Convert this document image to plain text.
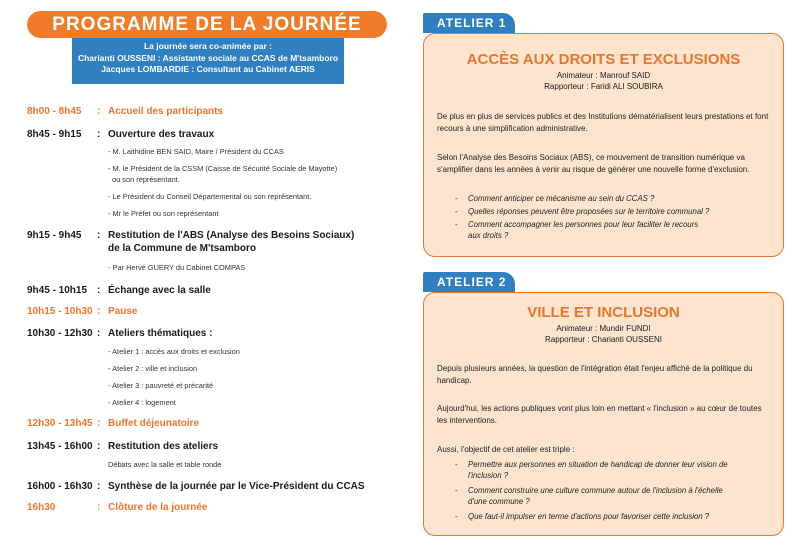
PROGRAMME DE LA JOURNÉE
La journée sera co-animée par :
Charianti OUSSENI : Assistante sociale au CCAS de M'tsamboro
Jacques LOMBARDIE : Consultant au Cabinet AERIS
8h00 - 8h45	: Accueil des participants
8h45 - 9h15	: Ouverture des travaux
- M. Laithidine BEN SAID, Maire / Président du CCAS
- M. le Président de la CSSM (Caisse de Sécurité Sociale de Mayotte)
ou son représentant.
- Le Président du Conseil Départemental ou son représentant.
- Mr le Préfet ou son représentant
9h15 - 9h45	: Restitution de l'ABS (Analyse des Besoins Sociaux)
de la Commune de M'tsamboro
- Par Hervé GUERY du Cabinet COMPAS
9h45 - 10h15 : Échange avec la salle
10h15 - 10h30 : Pause
10h30 - 12h30 : Ateliers thématiques :
- Atelier 1 : accès aux droits et exclusion
- Atelier 2 : ville et inclusion
- Atelier 3 : pauvreté et précarité
- Atelier 4 : logement
12h30 - 13h45 : Buffet déjeunatoire
13h45 - 16h00 : Restitution des ateliers
Débats avec la salle et table ronde
16h00 - 16h30 : Synthèse de la journée par le Vice-Président du CCAS
16h30	: Clôture de la journée
ATELIER 1
ACCÈS AUX DROITS ET EXCLUSIONS
Animateur : Manrouf SAID
Rapporteur : Faridi ALI SOUBIRA
De plus en plus de services publics et des Institutions dématérialisent leurs prestations et font recours à une simplification administrative.
Selon l'Analyse des Besoins Sociaux (ABS), ce mouvement de transition numérique va s'amplifier dans les années à venir au risque de générer une nouvelle forme d'exclusion.
- Comment anticiper ce mécanisme au sein du CCAS ?
- Quelles réponses peuvent être proposées sur le territoire communal ?
- Comment accompagner les personnes pour leur faciliter le recours
aux droits ?
ATELIER 2
VILLE ET INCLUSION
Animateur : Mundir FUNDI
Rapporteur : Charianti OUSSENI
Depuis plusieurs années, la question de l'intégration était l'enjeu affiché de la politique du handicap.
Aujourd'hui, les actions publiques vont plus loin en mettant « l'inclusion » au cœur de toutes les interventions.
Aussi, l'objectif de cet atelier est triple :
- Permettre aux personnes en situation de handicap de donner leur vision de
l'inclusion ?
- Comment construire une culture commune autour de l'inclusion à l'échelle
d'une commune ?
- Que faut-il impulser en terme d'actions pour favoriser cette inclusion ?
